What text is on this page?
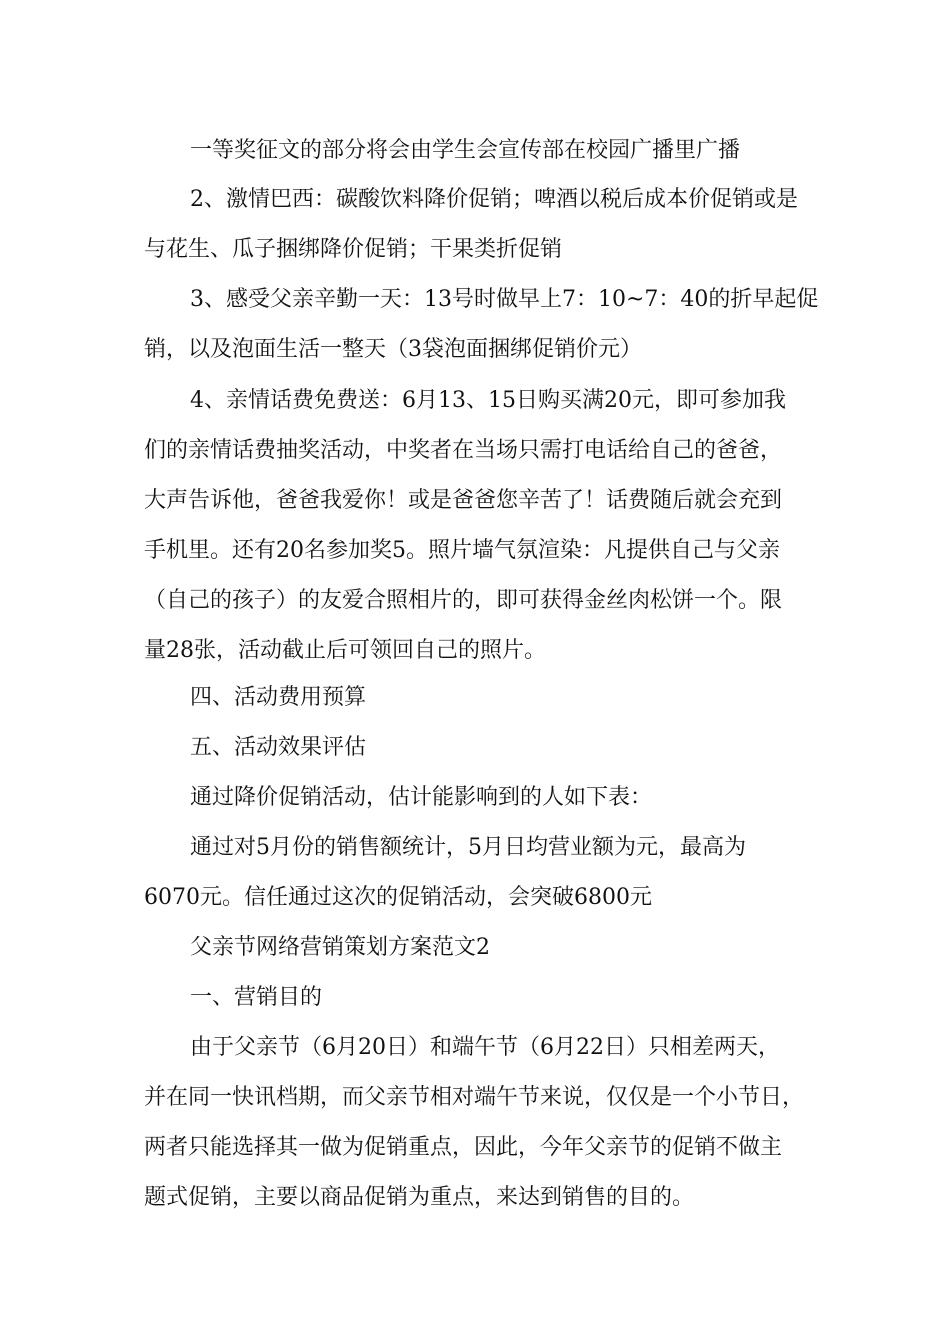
一等奖征文的部分将会由学生会宣传部在校园广播里广播
2、激情巴西：碳酸饮料降价促销；啤酒以税后成本价促销或是
与花生、瓜子捆绑降价促销；干果类折促销
3、感受父亲辛勤一天：13号时做早上7：10~7：40的折早起促
销，以及泡面生活一整天（3袋泡面捆绑促销价元）
4、亲情话费免费送：6月13、15日购买满20元，即可参加我
们的亲情话费抽奖活动，中奖者在当场只需打电话给自己的爸爸，
大声告诉他，爸爸我爱你！或是爸爸您辛苦了！话费随后就会充到
手机里。还有20名参加奖5。照片墙气氛渲染：凡提供自己与父亲
（自己的孩子）的友爱合照相片的，即可获得金丝肉松饼一个。限
量28张，活动截止后可领回自己的照片。
四、活动费用预算
五、活动效果评估
通过降价促销活动，估计能影响到的人如下表：
通过对5月份的销售额统计，5月日均营业额为元，最高为
6070元。信任通过这次的促销活动，会突破6800元
父亲节网络营销策划方案范文2
一、营销目的
由于父亲节（6月20日）和端午节（6月22日）只相差两天，
并在同一快讯档期，而父亲节相对端午节来说，仅仅是一个小节日，
两者只能选择其一做为促销重点，因此，今年父亲节的促销不做主
题式促销，主要以商品促销为重点，来达到销售的目的。
